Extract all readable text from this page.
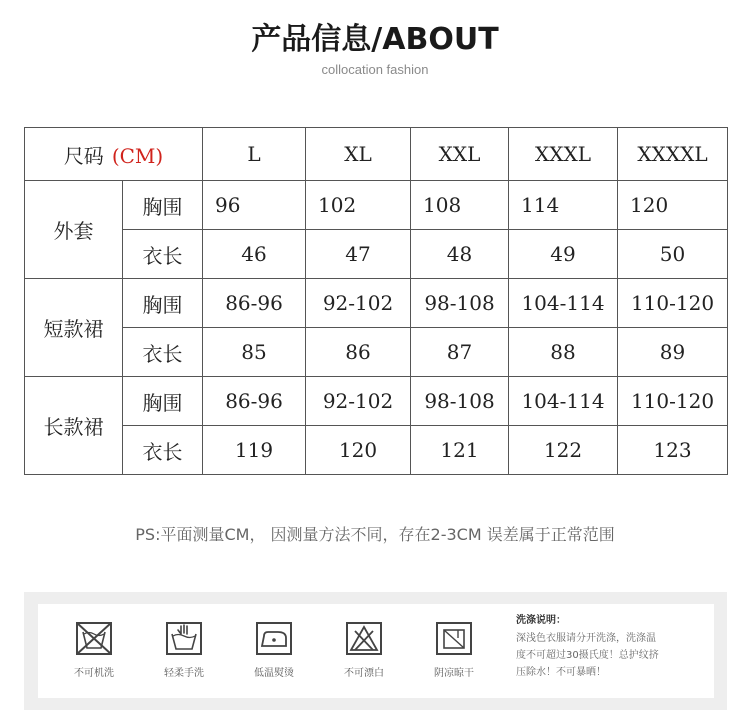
产品信息/ABOUT
collocation fashion
尺码 (CM)		L	XL	XXL	XXXL	XXXXL
外套	胸围	96	102	108	114	120
	衣长	46	47	48	49	50
短款裙	胸围	86-96	92-102	98-108	104-114	110-120
	衣长	85	86	87	88	89
长款裙	胸围	86-96	92-102	98-108	104-114	110-120
	衣长	119	120	121	122	123
PS:平面测量CM， 因测量方法不同，存在2-3CM 误差属于正常范围
不可机洗	轻柔手洗	低温熨烫	不可漂白	阴凉晾干
洗涤说明：
深浅色衣服请分开洗涤，洗涤温
度不可超过30摄氏度！总护纹挤
压除水！不可暴晒！
